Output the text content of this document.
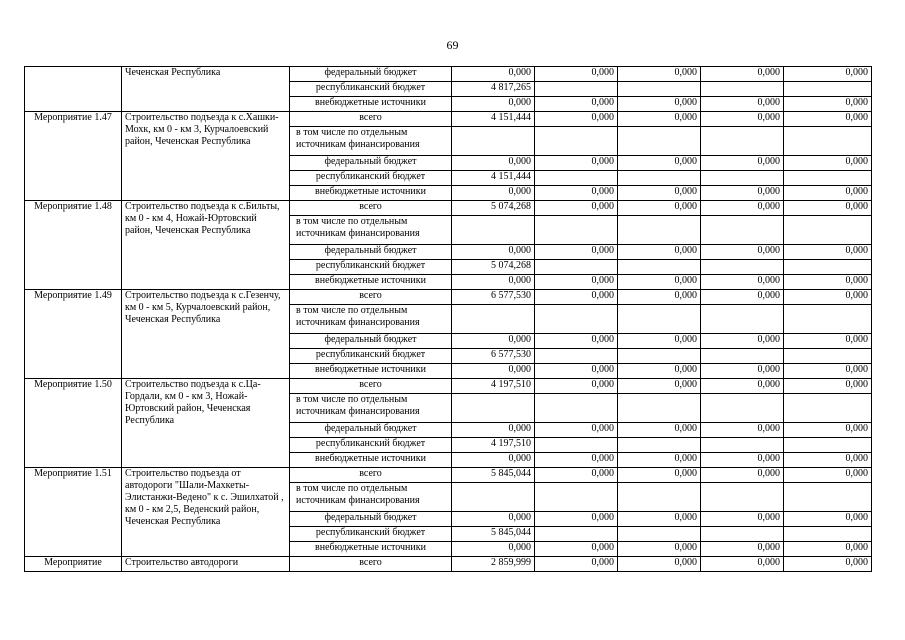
69
	Чеченская Республика	федеральный бюджет	0,000	0,000	0,000	0,000	0,000
		республиканский бюджет	4 817,265				
		внебюджетные источники	0,000	0,000	0,000	0,000	0,000
Мероприятие 1.47	Строительство подъезда к с.Хашки-Мохк, км 0 - км 3, Курчалоевский район, Чеченская Республика	всего	4 151,444	0,000	0,000	0,000	0,000
		в том числе по отдельным источникам финансирования					
		федеральный бюджет	0,000	0,000	0,000	0,000	0,000
		республиканский бюджет	4 151,444				
		внебюджетные источники	0,000	0,000	0,000	0,000	0,000
Мероприятие 1.48	Строительство подъезда к с.Бильты, км 0 - км 4, Ножай-Юртовский район, Чеченская Республика	всего	5 074,268	0,000	0,000	0,000	0,000
		в том числе по отдельным источникам финансирования					
		федеральный бюджет	0,000	0,000	0,000	0,000	0,000
		республиканский бюджет	5 074,268				
		внебюджетные источники	0,000	0,000	0,000	0,000	0,000
Мероприятие 1.49	Строительство подъезда к с.Гезенчу, км 0 - км 5, Курчалоевский район, Чеченская Республика	всего	6 577,530	0,000	0,000	0,000	0,000
		в том числе по отдельным источникам финансирования					
		федеральный бюджет	0,000	0,000	0,000	0,000	0,000
		республиканский бюджет	6 577,530				
		внебюджетные источники	0,000	0,000	0,000	0,000	0,000
Мероприятие 1.50	Строительство подъезда к с.Ца-Гордали, км 0 - км 3, Ножай-Юртовский район, Чеченская Республика	всего	4 197,510	0,000	0,000	0,000	0,000
		в том числе по отдельным источникам финансирования					
		федеральный бюджет	0,000	0,000	0,000	0,000	0,000
		республиканский бюджет	4 197,510				
		внебюджетные источники	0,000	0,000	0,000	0,000	0,000
Мероприятие 1.51	Строительство подъезда от автодороги "Шали-Махкеты-Элистанжи-Ведено" к с. Эшилхатой , км 0 - км 2,5, Веденский район, Чеченская Республика	всего	5 845,044	0,000	0,000	0,000	0,000
		в том числе по отдельным источникам финансирования					
		федеральный бюджет	0,000	0,000	0,000	0,000	0,000
		республиканский бюджет	5 845,044				
		внебюджетные источники	0,000	0,000	0,000	0,000	0,000
Мероприятие	Строительство автодороги	всего	2 859,999	0,000	0,000	0,000	0,000
